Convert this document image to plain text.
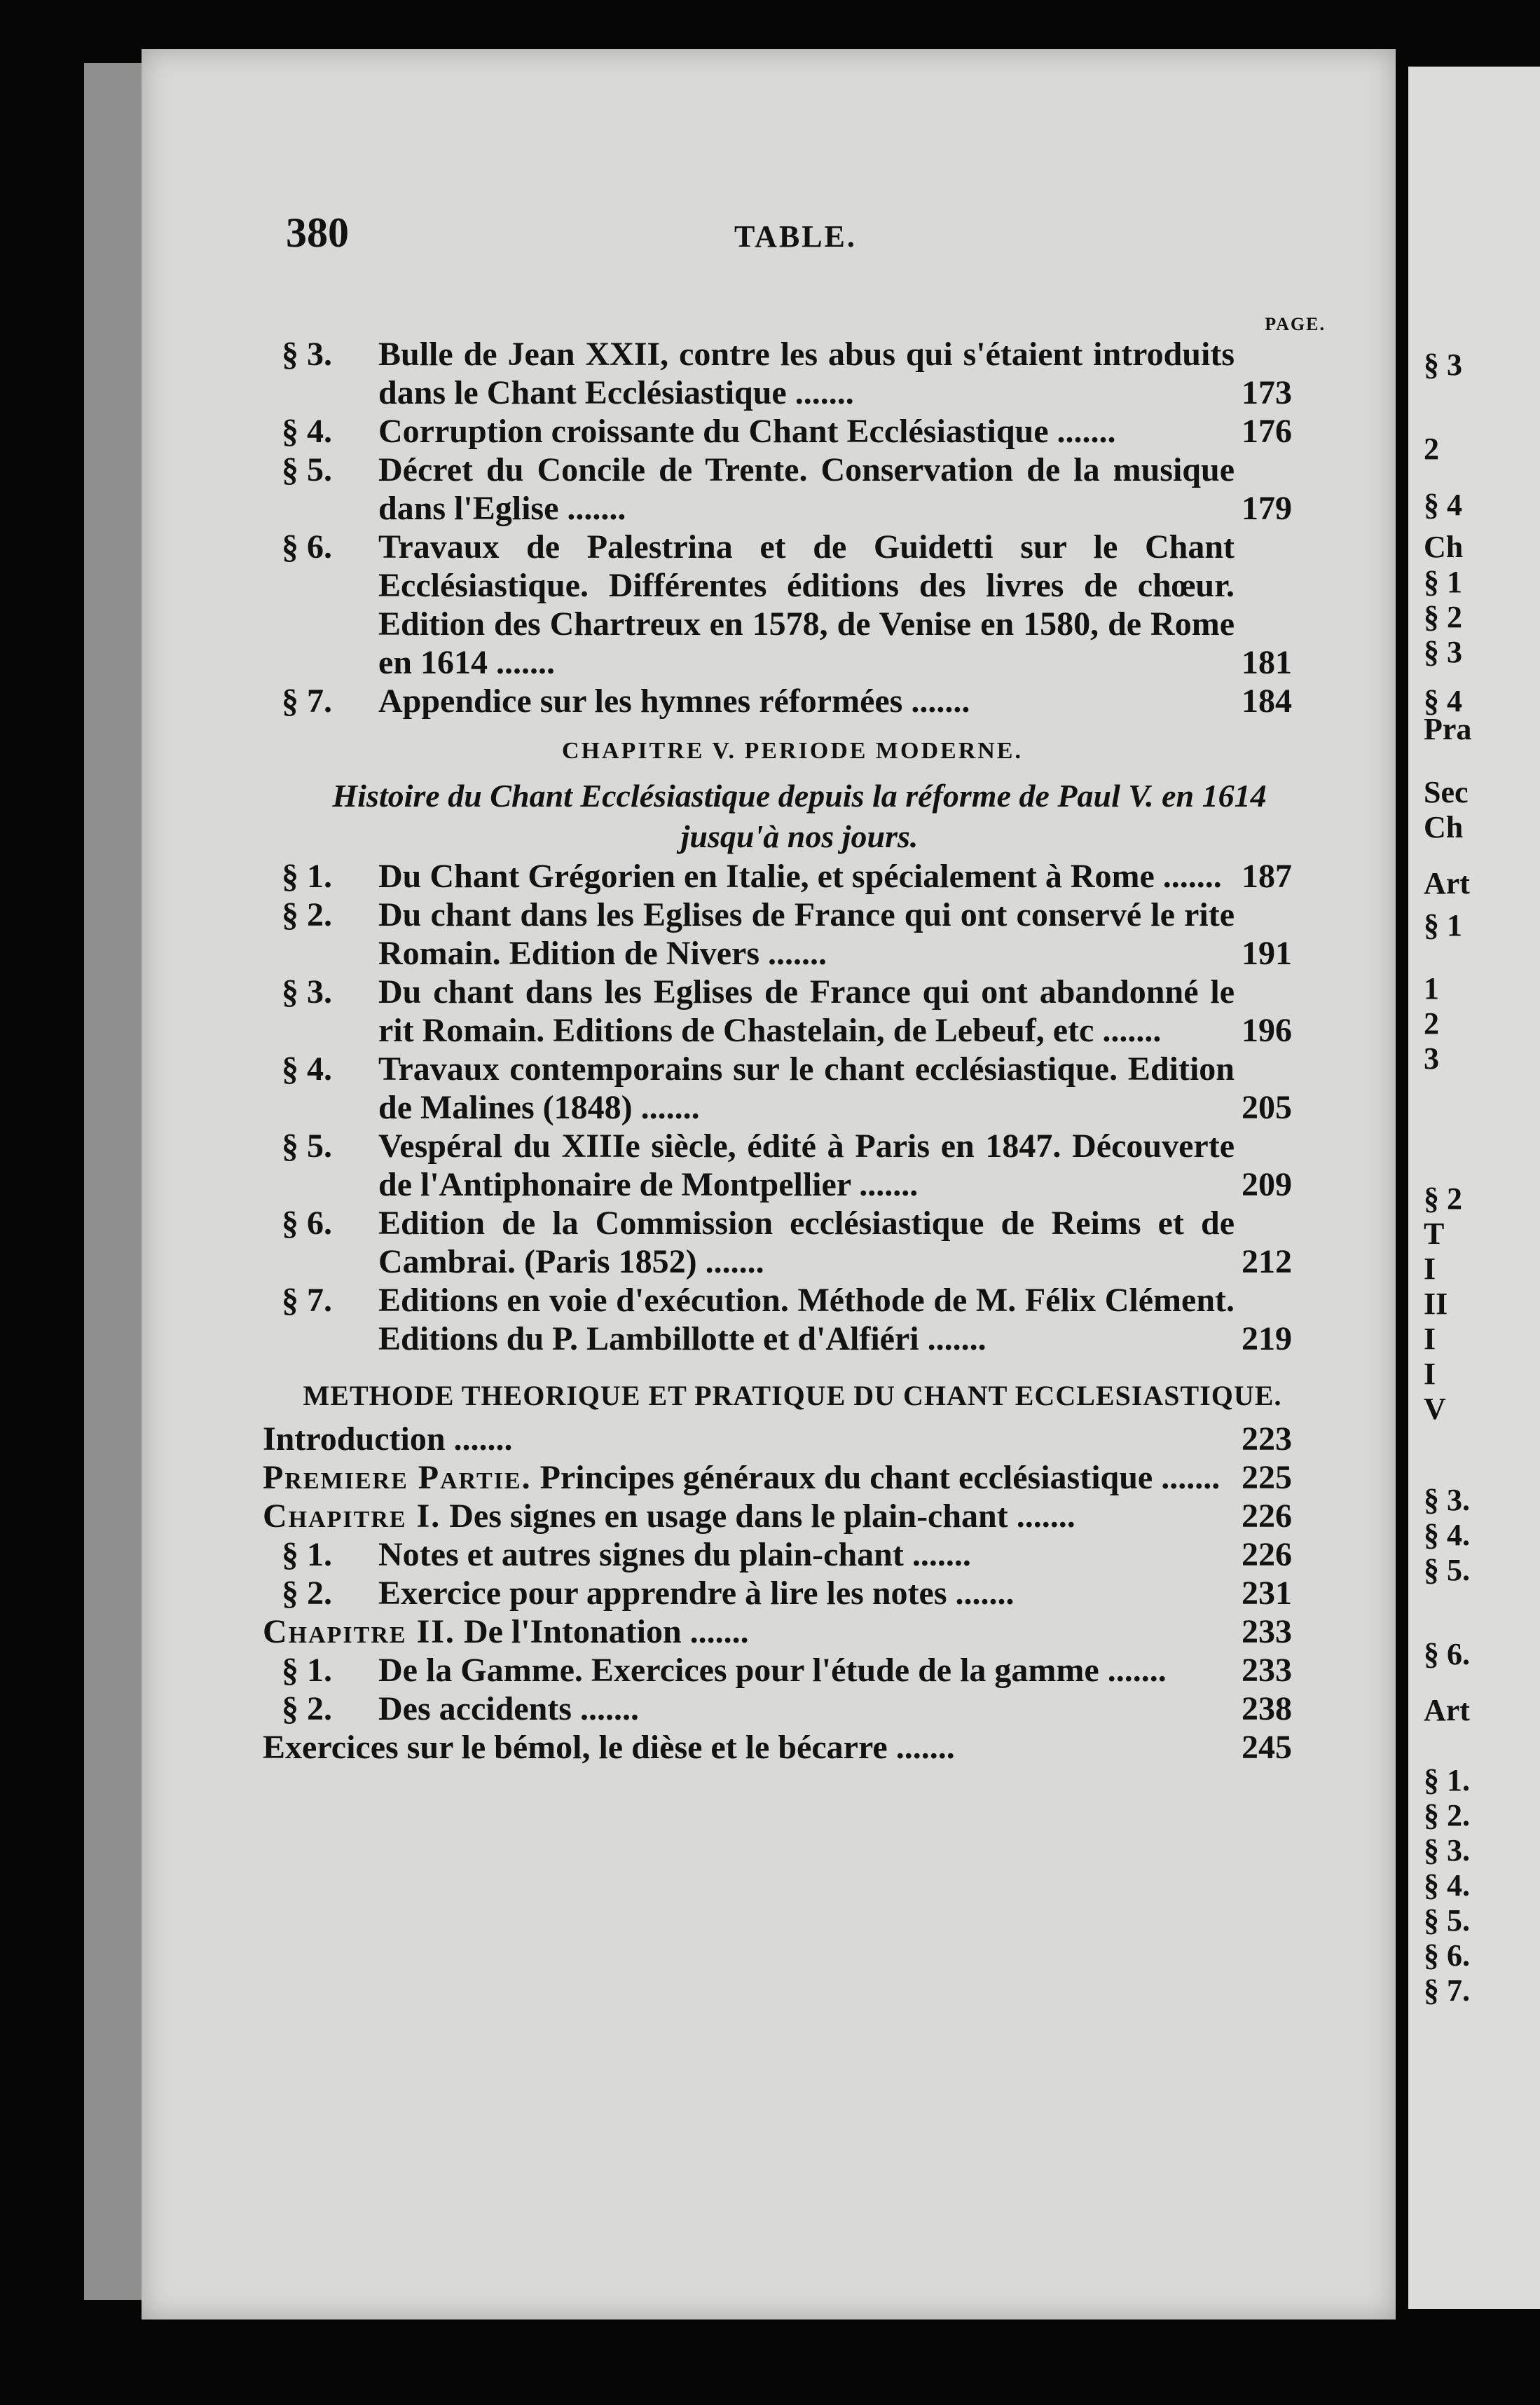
§ 3
2
§ 4
Ch
§ 1
§ 2
§ 3
§ 4
Pra
Sec
Ch
Art
§ 1
1
2
3
§ 2
T
I
II
I
I
V
§ 3.
§ 4.
§ 5.
§ 6.
Art
§ 1.
§ 2.
§ 3.
§ 4.
§ 5.
§ 6.
§ 7.
380	TABLE.
PAGE.
§ 3. Bulle de Jean XXII, contre les abus qui s'étaient introduits dans le Chant Ecclésiastique .......	173
§ 4. Corruption croissante du Chant Ecclésiastique .......	176
§ 5. Décret du Concile de Trente. Conservation de la musique dans l'Eglise .......	179
§ 6. Travaux de Palestrina et de Guidetti sur le Chant Ecclésiastique. Différentes éditions des livres de chœur. Edition des Chartreux en 1578, de Venise en 1580, de Rome en 1614 .......	181
§ 7. Appendice sur les hymnes réformées .......	184
CHAPITRE V. PERIODE MODERNE.
Histoire du Chant Ecclésiastique depuis la réforme de Paul V. en 1614 jusqu'à nos jours.
§ 1. Du Chant Grégorien en Italie, et spécialement à Rome ....... 187
§ 2. Du chant dans les Eglises de France qui ont conservé le rite Romain. Edition de Nivers .......	191
§ 3. Du chant dans les Eglises de France qui ont abandonné le rit Romain. Editions de Chastelain, de Lebeuf, etc ....... 196
§ 4. Travaux contemporains sur le chant ecclésiastique. Edition de Malines (1848) .......	205
§ 5. Vespéral du XIIIe siècle, édité à Paris en 1847. Découverte de l'Antiphonaire de Montpellier .......	209
§ 6. Edition de la Commission ecclésiastique de Reims et de Cambrai. (Paris 1852) .......	212
§ 7. Editions en voie d'exécution. Méthode de M. Félix Clément. Editions du P. Lambillotte et d'Alfiéri .......	219
METHODE THEORIQUE ET PRATIQUE DU CHANT ECCLESIASTIQUE.
Introduction .......	223
Premiere Partie. Principes généraux du chant ecclésiastique ....... 225
Chapitre I. Des signes en usage dans le plain-chant .......	226
§ 1. Notes et autres signes du plain-chant .......	226
§ 2. Exercice pour apprendre à lire les notes .......	231
Chapitre II. De l'Intonation .......	233
§ 1. De la Gamme. Exercices pour l'étude de la gamme ....... 233
§ 2. Des accidents .......	238
Exercices sur le bémol, le dièse et le bécarre .......	245
